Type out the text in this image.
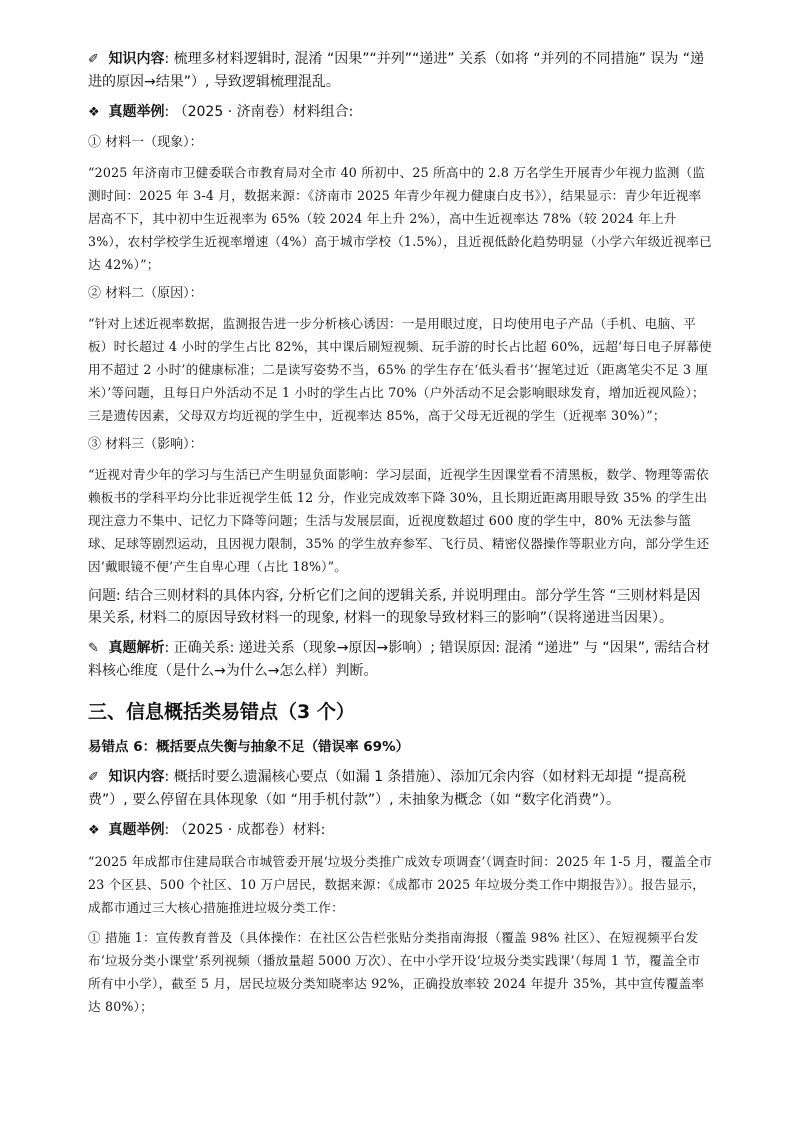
✐ 知识内容: 梳理多材料逻辑时, 混淆 “因果”“并列”“递进” 关系（如将 “并列的不同措施” 误为 “递进的原因→结果”）, 导致逻辑梳理混乱。

❖ 真题举例: （2025 · 济南卷）材料组合:

① 材料一（现象）：

“2025 年济南市卫健委联合市教育局对全市 40 所初中、25 所高中的 2.8 万名学生开展青少年视力监测（监测时间：2025 年 3-4 月，数据来源：《济南市 2025 年青少年视力健康白皮书》），结果显示：青少年近视率居高不下，其中初中生近视率为 65%（较 2024 年上升 2%），高中生近视率达 78%（较 2024 年上升 3%），农村学校学生近视率增速（4%）高于城市学校（1.5%），且近视低龄化趋势明显（小学六年级近视率已达 42%）”；

② 材料二（原因）：

“针对上述近视率数据，监测报告进一步分析核心诱因：一是用眼过度，日均使用电子产品（手机、电脑、平板）时长超过 4 小时的学生占比 82%，其中课后刷短视频、玩手游的时长占比超 60%，远超‘每日电子屏幕使用不超过 2 小时’的健康标准；二是读写姿势不当，65% 的学生存在‘低头看书’‘握笔过近（距离笔尖不足 3 厘米）’等问题，且每日户外活动不足 1 小时的学生占比 70%（户外活动不足会影响眼球发育，增加近视风险）；三是遗传因素，父母双方均近视的学生中，近视率达 85%，高于父母无近视的学生（近视率 30%）”；

③ 材料三（影响）：

“近视对青少年的学习与生活已产生明显负面影响：学习层面，近视学生因课堂看不清黑板，数学、物理等需依赖板书的学科平均分比非近视学生低 12 分，作业完成效率下降 30%，且长期近距离用眼导致 35% 的学生出现注意力不集中、记忆力下降等问题；生活与发展层面，近视度数超过 600 度的学生中，80% 无法参与篮球、足球等剧烈运动，且因视力限制，35% 的学生放弃参军、飞行员、精密仪器操作等职业方向，部分学生还因‘戴眼镜不便’产生自卑心理（占比 18%）”。

问题: 结合三则材料的具体内容, 分析它们之间的逻辑关系, 并说明理由。部分学生答 “三则材料是因果关系, 材料二的原因导致材料一的现象, 材料一的现象导致材料三的影响”（误将递进当因果）。

✎ 真题解析: 正确关系: 递进关系（现象→原因→影响）; 错误原因: 混淆 “递进” 与 “因果”, 需结合材料核心维度（是什么→为什么→怎么样）判断。

三、信息概括类易错点（3 个）

易错点 6：概括要点失衡与抽象不足（错误率 69%）

✐ 知识内容: 概括时要么遗漏核心要点（如漏 1 条措施）、添加冗余内容（如材料无却提 “提高税费”）, 要么停留在具体现象（如 “用手机付款”）, 未抽象为概念（如 “数字化消费”）。

❖ 真题举例: （2025 · 成都卷）材料:

“2025 年成都市住建局联合市城管委开展‘垃圾分类推广成效专项调查’（调查时间：2025 年 1-5 月，覆盖全市 23 个区县、500 个社区、10 万户居民，数据来源：《成都市 2025 年垃圾分类工作中期报告》）。报告显示，成都市通过三大核心措施推进垃圾分类工作：

① 措施 1：宣传教育普及（具体操作：在社区公告栏张贴分类指南海报（覆盖 98% 社区）、在短视频平台发布‘垃圾分类小课堂’系列视频（播放量超 5000 万次）、在中小学开设‘垃圾分类实践课’（每周 1 节，覆盖全市所有中小学），截至 5 月，居民垃圾分类知晓率达 92%，正确投放率较 2024 年提升 35%，其中宣传覆盖率达 80%）；
